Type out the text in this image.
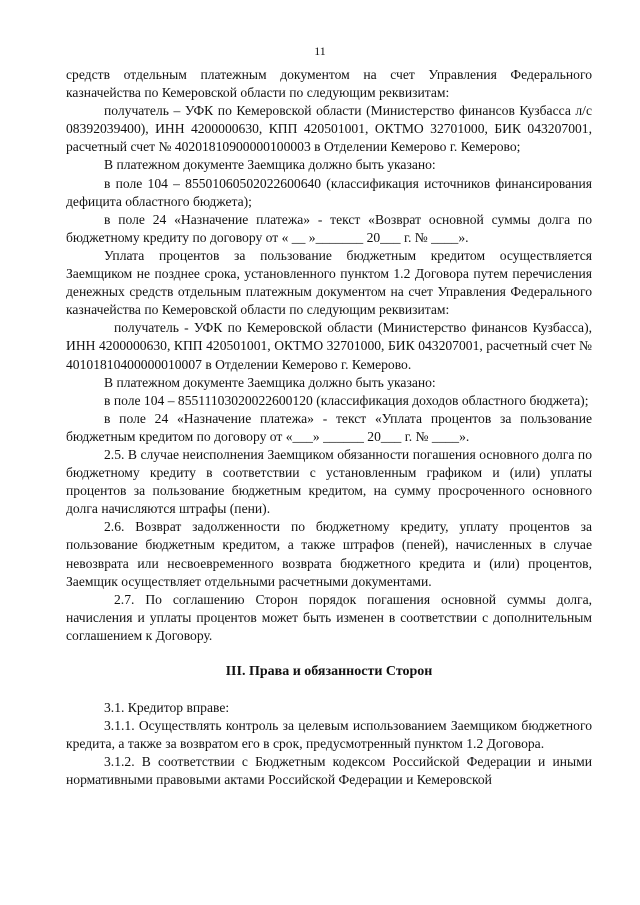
11

средств отдельным платежным документом на счет Управления Федерального казначейства по Кемеровской области по следующим реквизитам:

получатель – УФК по Кемеровской области (Министерство финансов Кузбасса л/с 08392039400), ИНН 4200000630, КПП 420501001, ОКТМО 32701000, БИК 043207001, расчетный счет № 40201810900000100003 в Отделении Кемерово г. Кемерово;

В платежном документе Заемщика должно быть указано:

в поле 104 – 85501060502022600640 (классификация источников финансирования дефицита областного бюджета);

в поле 24 «Назначение платежа» - текст «Возврат основной суммы долга по бюджетному кредиту по договору от « __ »_______ 20___ г. № ____».

Уплата процентов за пользование бюджетным кредитом осуществляется Заемщиком не позднее срока, установленного пунктом 1.2 Договора путем перечисления денежных средств отдельным платежным документом на счет Управления Федерального казначейства по Кемеровской области по следующим реквизитам:

получатель - УФК по Кемеровской области (Министерство финансов Кузбасса), ИНН 4200000630, КПП 420501001, ОКТМО 32701000, БИК 043207001, расчетный счет № 40101810400000010007 в Отделении Кемерово г. Кемерово.

В платежном документе Заемщика должно быть указано:

в поле 104 – 85511103020022600120 (классификация доходов областного бюджета);

в поле 24 «Назначение платежа» - текст «Уплата процентов за пользование бюджетным кредитом по договору от «___» ______ 20___ г. № ____».

2.5. В случае неисполнения Заемщиком обязанности погашения основного долга по бюджетному кредиту в соответствии с установленным графиком и (или) уплаты процентов за пользование бюджетным кредитом, на сумму просроченного основного долга начисляются штрафы (пени).

2.6. Возврат задолженности по бюджетному кредиту, уплату процентов за пользование бюджетным кредитом, а также штрафов (пеней), начисленных в случае невозврата или несвоевременного возврата бюджетного кредита и (или) процентов, Заемщик осуществляет отдельными расчетными документами.

2.7. По соглашению Сторон порядок погашения основной суммы долга, начисления и уплаты процентов может быть изменен в соответствии с дополнительным соглашением к Договору.

III. Права и обязанности Сторон

3.1. Кредитор вправе:

3.1.1. Осуществлять контроль за целевым использованием Заемщиком бюджетного кредита, а также за возвратом его в срок, предусмотренный пунктом 1.2 Договора.

3.1.2. В соответствии с Бюджетным кодексом Российской Федерации и иными нормативными правовыми актами Российской Федерации и Кемеровской
